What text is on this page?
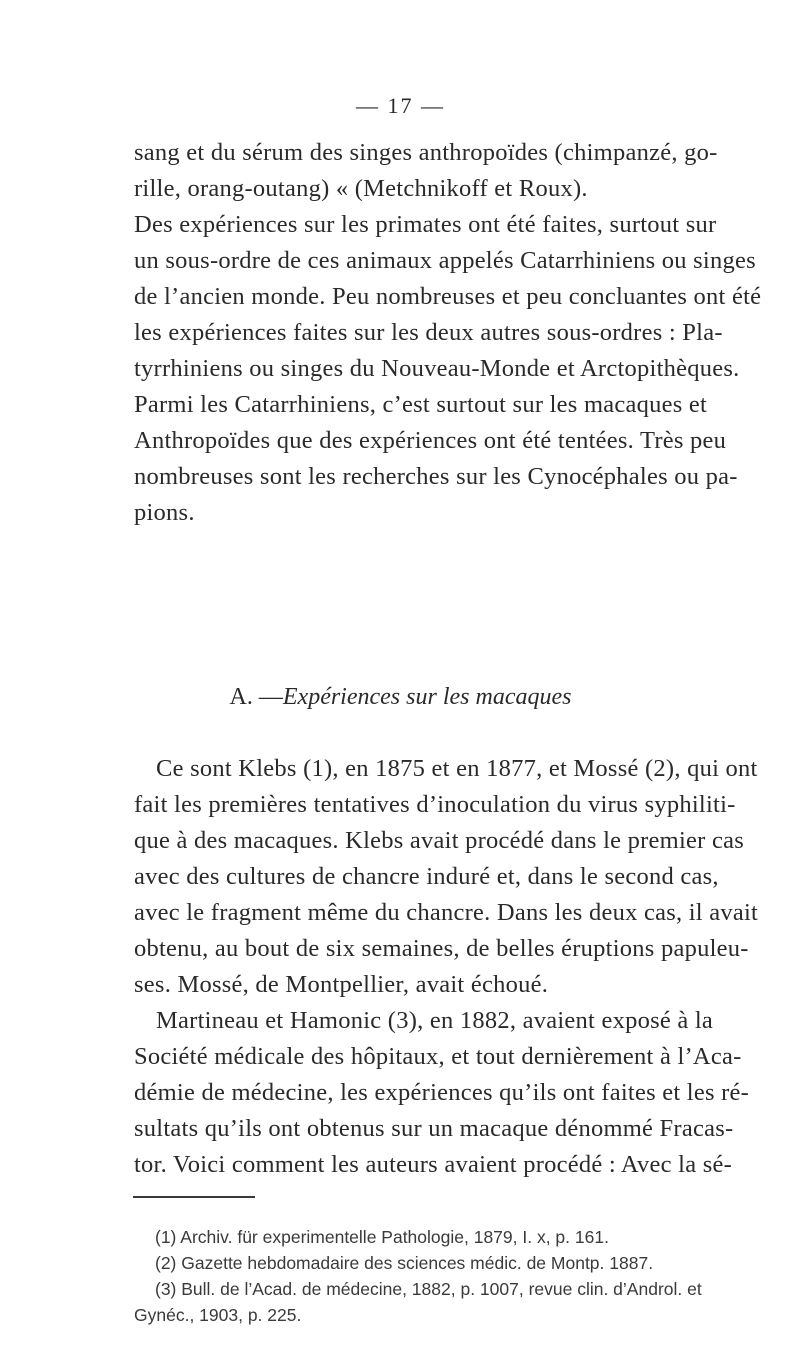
— 17 —
sang et du sérum des singes anthropoïdes (chimpanzé, go-
rille, orang-outang) « (Metchnikoff et Roux).
Des expériences sur les primates ont été faites, surtout sur
un sous-ordre de ces animaux appelés Catarrhiniens ou singes
de l’ancien monde. Peu nombreuses et peu concluantes ont été
les expériences faites sur les deux autres sous-ordres : Pla-
tyrrhiniens ou singes du Nouveau-Monde et Arctopithèques.
Parmi les Catarrhiniens, c’est surtout sur les macaques et
Anthropoïdes que des expériences ont été tentées. Très peu
nombreuses sont les recherches sur les Cynocéphales ou pa-
pions.
A. —Expériences sur les macaques
Ce sont Klebs (1), en 1875 et en 1877, et Mossé (2), qui ont
fait les premières tentatives d’inoculation du virus syphiliti-
que à des macaques. Klebs avait procédé dans le premier cas
avec des cultures de chancre induré et, dans le second cas,
avec le fragment même du chancre. Dans les deux cas, il avait
obtenu, au bout de six semaines, de belles éruptions papuleu-
ses. Mossé, de Montpellier, avait échoué.
Martineau et Hamonic (3), en 1882, avaient exposé à la
Société médicale des hôpitaux, et tout dernièrement à l’Aca-
démie de médecine, les expériences qu’ils ont faites et les ré-
sultats qu’ils ont obtenus sur un macaque dénommé Fracas-
tor. Voici comment les auteurs avaient procédé : Avec la sé-
(1) Archiv. für experimentelle Pathologie, 1879, I. x, p. 161.
(2) Gazette hebdomadaire des sciences médic. de Montp. 1887.
(3) Bull. de l’Acad. de médecine, 1882, p. 1007, revue clin. d’Androl. et
Gynéc., 1903, p. 225.
